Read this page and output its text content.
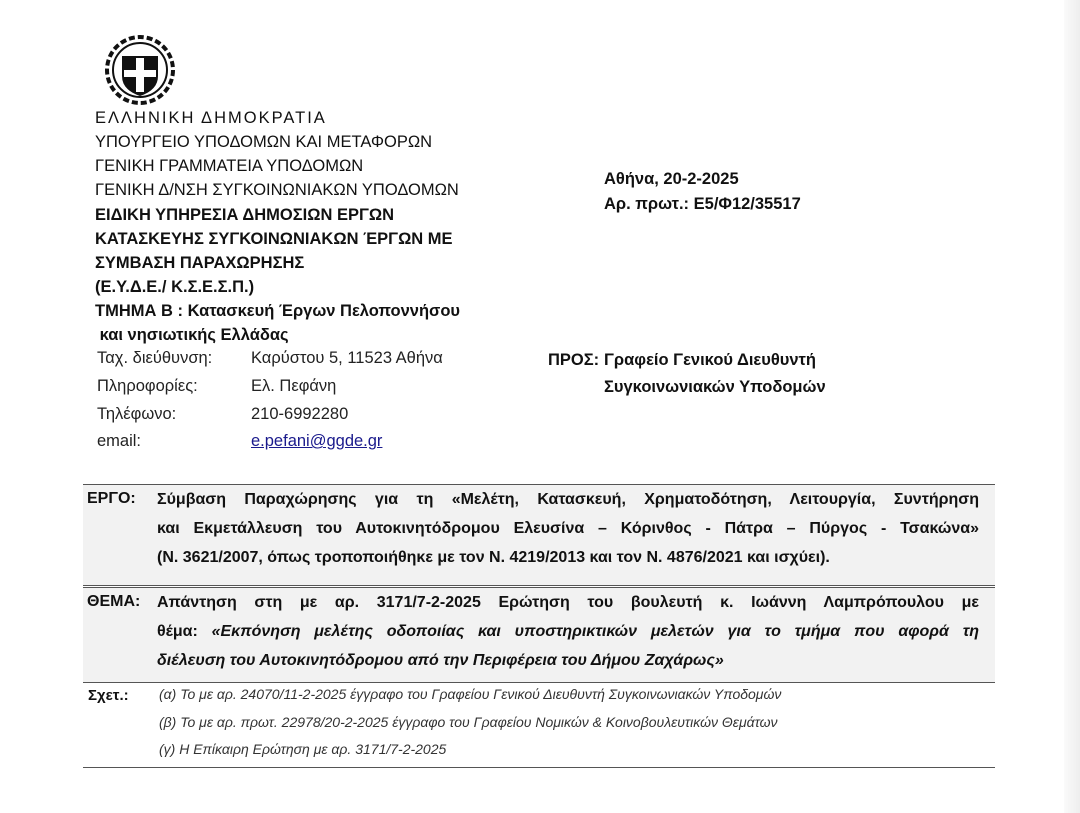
ΕΛΛΗΝΙΚΗ ΔΗΜΟΚΡΑΤΙΑ
ΥΠΟΥΡΓΕΙΟ ΥΠΟΔΟΜΩΝ ΚΑΙ ΜΕΤΑΦΟΡΩΝ
ΓΕΝΙΚΗ ΓΡΑΜΜΑΤΕΙΑ ΥΠΟΔΟΜΩΝ
ΓΕΝΙΚΗ Δ/ΝΣΗ ΣΥΓΚΟΙΝΩΝΙΑΚΩΝ ΥΠΟΔΟΜΩΝ
ΕΙΔΙΚΗ ΥΠΗΡΕΣΙΑ ΔΗΜΟΣΙΩΝ ΕΡΓΩΝ
ΚΑΤΑΣΚΕΥΗΣ ΣΥΓΚΟΙΝΩΝΙΑΚΩΝ ΈΡΓΩΝ ΜΕ
ΣΥΜΒΑΣΗ ΠΑΡΑΧΩΡΗΣΗΣ
(Ε.Υ.Δ.Ε./ Κ.Σ.Ε.Σ.Π.)
ΤΜΗΜΑ Β : Κατασκευή Έργων Πελοποννήσου
και νησιωτικής Ελλάδας
Ταχ. διεύθυνση: Καρύστου 5, 11523 Αθήνα
Πληροφορίες:	Ελ. Πεφάνη
Τηλέφωνο:	210-6992280
email:	e.pefani@ggde.gr
Αθήνα, 20-2-2025
Αρ. πρωτ.: Ε5/Φ12/35517
ΠΡΟΣ: Γραφείο Γενικού Διευθυντή
Συγκοινωνιακών Υποδομών
ΕΡΓΟ: Σύμβαση Παραχώρησης για τη «Μελέτη, Κατασκευή, Χρηματοδότηση, Λειτουργία, Συντήρηση
και Εκμετάλλευση του Αυτοκινητόδρομου Ελευσίνα – Κόρινθος - Πάτρα – Πύργος - Τσακώνα»
(Ν. 3621/2007, όπως τροποποιήθηκε με τον Ν. 4219/2013 και τον Ν. 4876/2021 και ισχύει).
ΘΕΜΑ: Απάντηση στη με αρ. 3171/7-2-2025 Ερώτηση του βουλευτή κ. Ιωάννη Λαμπρόπουλου με
θέμα: «Εκπόνηση μελέτης οδοποιίας και υποστηρικτικών μελετών για το τμήμα που αφορά τη
διέλευση του Αυτοκινητόδρομου από την Περιφέρεια του Δήμου Ζαχάρως»
Σχετ.: (α) Το με αρ. 24070/11-2-2025 έγγραφο του Γραφείου Γενικού Διευθυντή Συγκοινωνιακών Υποδομών
(β) Το με αρ. πρωτ. 22978/20-2-2025 έγγραφο του Γραφείου Νομικών & Κοινοβουλευτικών Θεμάτων
(γ) Η Επίκαιρη Ερώτηση με αρ. 3171/7-2-2025
